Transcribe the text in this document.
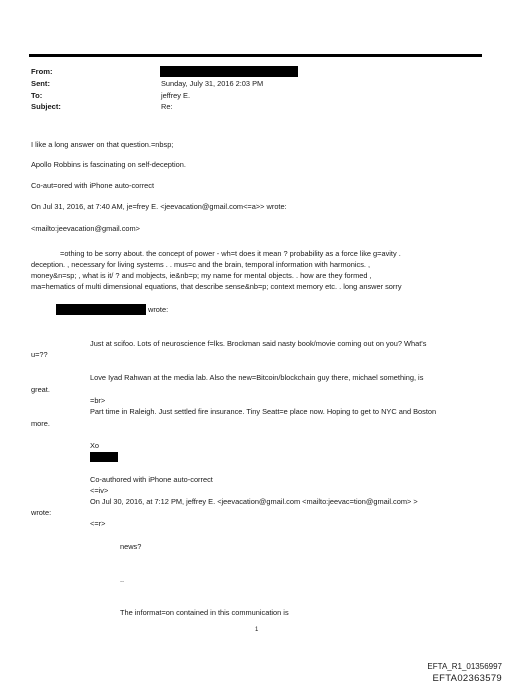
From:
Sent:
To:
Subject:
Sunday, July 31, 2016 2:03 PM
jeffrey E.
Re:
I like a long answer on that question.=nbsp;
Apollo Robbins is fascinating on self-deception.
Co-aut=ored with iPhone auto-correct
On Jul 31, 2016, at 7:40 AM, je=frey E. <jeevacation@gmail.com<=a>> wrote:
<mailto:jeevacation@gmail.com>
=othing to be sorry about. the concept of power - wh=t does it mean ? probability as a force like g=avity .
deception. , necessary for living systems . . mus=c and the brain, temporal information with harmonics. ,
money&n=sp; , what is it/ ? and mobjects, ie&nb=p; my name for mental objects. . how are they formed ,
ma=hematics of multi dimensional equations, that describe sense&nb=p; context memory etc. . long answer sorry
wrote:
Just at scifoo. Lots of neuroscience f=lks. Brockman said nasty book/movie coming out on you? What's
u=??
Love Iyad Rahwan at the media lab. Also the new=Bitcoin/blockchain guy there, michael something, is
great.
=br>
Part time in Raleigh. Just settled fire insurance. Tiny Seatt=e place now. Hoping to get to NYC and Boston
more.
Xo
Co-authored with iPhone auto-correct
<=iv>
On Jul 30, 2016, at 7:12 PM, jeffrey E. <jeevacation@gmail.com <mailto:jeevac=tion@gmail.com> >
wrote:
<=r>
news?
..
The informat=on contained in this communication is
1
EFTA_R1_01356997
EFTA02363579
